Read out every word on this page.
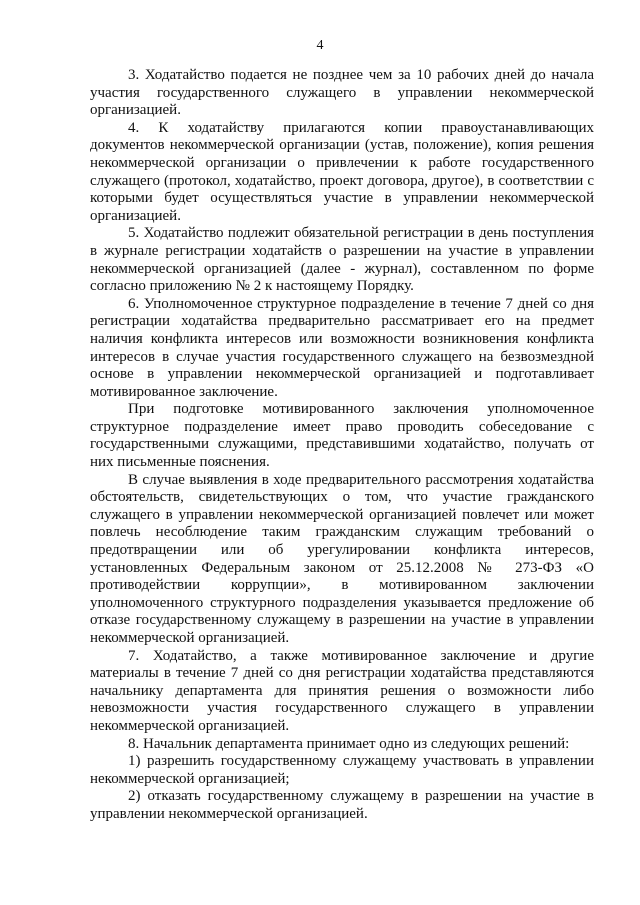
4

3. Ходатайство подается не позднее чем за 10 рабочих дней до начала участия государственного служащего в управлении некоммерческой организацией.

4. К ходатайству прилагаются копии правоустанавливающих документов некоммерческой организации (устав, положение), копия решения некоммерческой организации о привлечении к работе государственного служащего (протокол, ходатайство, проект договора, другое), в соответствии с которыми будет осуществляться участие в управлении некоммерческой организацией.

5. Ходатайство подлежит обязательной регистрации в день поступления в журнале регистрации ходатайств о разрешении на участие в управлении некоммерческой организацией (далее - журнал), составленном по форме согласно приложению № 2 к настоящему Порядку.

6. Уполномоченное структурное подразделение в течение 7 дней со дня регистрации ходатайства предварительно рассматривает его на предмет наличия конфликта интересов или возможности возникновения конфликта интересов в случае участия государственного служащего на безвозмездной основе в управлении некоммерческой организацией и подготавливает мотивированное заключение.

При подготовке мотивированного заключения уполномоченное структурное подразделение имеет право проводить собеседование с государственными служащими, представившими ходатайство, получать от них письменные пояснения.

В случае выявления в ходе предварительного рассмотрения ходатайства обстоятельств, свидетельствующих о том, что участие гражданского служащего в управлении некоммерческой организацией повлечет или может повлечь несоблюдение таким гражданским служащим требований о предотвращении или об урегулировании конфликта интересов, установленных Федеральным законом от 25.12.2008 № 273-ФЗ «О противодействии коррупции», в мотивированном заключении уполномоченного структурного подразделения указывается предложение об отказе государственному служащему в разрешении на участие в управлении некоммерческой организацией.

7. Ходатайство, а также мотивированное заключение и другие материалы в течение 7 дней со дня регистрации ходатайства представляются начальнику департамента для принятия решения о возможности либо невозможности участия государственного служащего в управлении некоммерческой организацией.

8. Начальник департамента принимает одно из следующих решений:

1) разрешить государственному служащему участвовать в управлении некоммерческой организацией;

2) отказать государственному служащему в разрешении на участие в управлении некоммерческой организацией.
